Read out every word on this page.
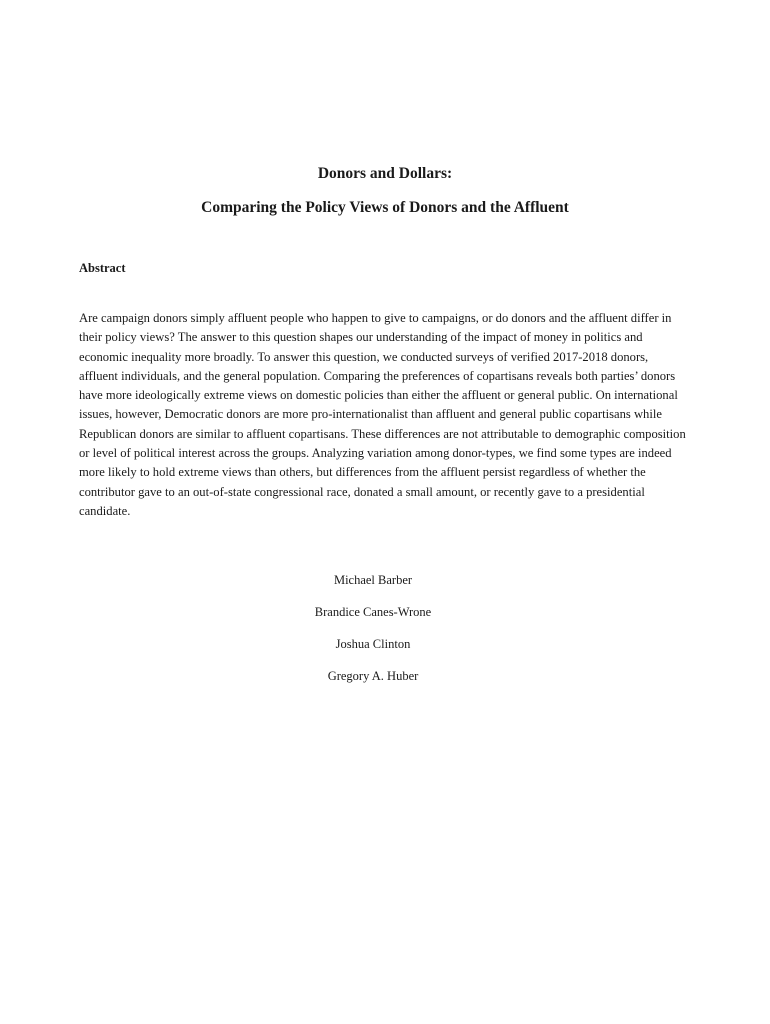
Donors and Dollars:

Comparing the Policy Views of Donors and the Affluent

Abstract

Are campaign donors simply affluent people who happen to give to campaigns, or do donors and the affluent differ in their policy views? The answer to this question shapes our understanding of the impact of money in politics and economic inequality more broadly. To answer this question, we conducted surveys of verified 2017-2018 donors, affluent individuals, and the general population. Comparing the preferences of copartisans reveals both parties’ donors have more ideologically extreme views on domestic policies than either the affluent or general public. On international issues, however, Democratic donors are more pro-internationalist than affluent and general public copartisans while Republican donors are similar to affluent copartisans. These differences are not attributable to demographic composition or level of political interest across the groups. Analyzing variation among donor-types, we find some types are indeed more likely to hold extreme views than others, but differences from the affluent persist regardless of whether the contributor gave to an out-of-state congressional race, donated a small amount, or recently gave to a presidential candidate.

Michael Barber

Brandice Canes-Wrone

Joshua Clinton

Gregory A. Huber
